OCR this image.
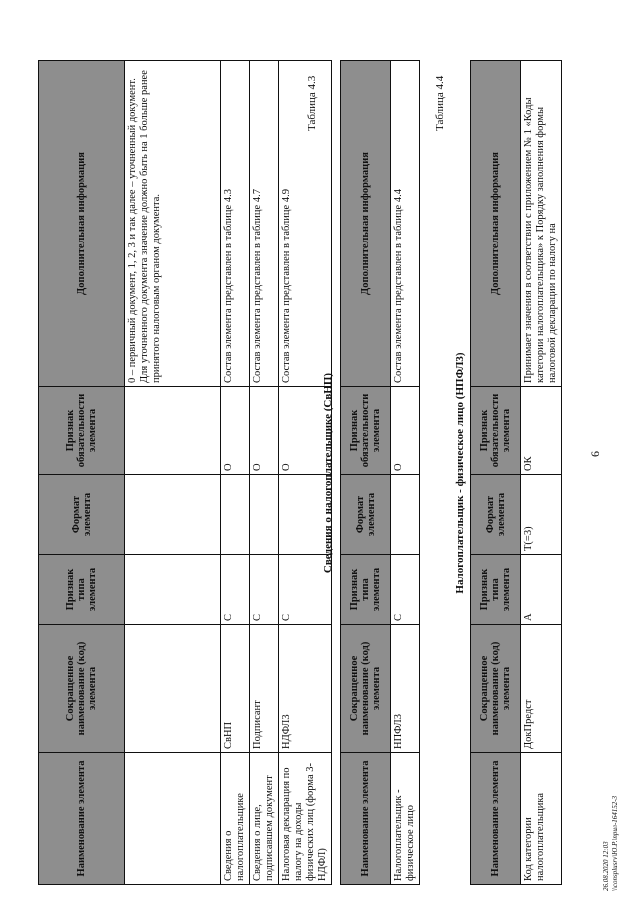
6
Наименование элемента	Сокращенное наименование (код) элемента	Признак типа элемента	Формат элемента	Признак обязательности элемента	Дополнительная информация
					0 – первичный документ, 1, 2, 3 и так далее – уточненный документ. Для уточненного документа значение должно быть на 1 больше ранее принятого налоговым органом документа.
Сведения о налогоплательщике	СвНП	С		О	Состав элемента представлен в таблице 4.3
Сведения о лице, подписавшем документ	Подписант	С		О	Состав элемента представлен в таблице 4.7
Налоговая декларация по налогу на доходы физических лиц (форма 3-НДФЛ)	НДФЛ3	С		О	Состав элемента представлен в таблице 4.9
Таблица 4.3
Сведения о налогоплательщике (СвНП)
Наименование элемента	Сокращенное наименование (код) элемента	Признак типа элемента	Формат элемента	Признак обязательности элемента	Дополнительная информация
Налогоплательщик - физическое лицо	НПФЛ3	С		О	Состав элемента представлен в таблице 4.4
Таблица 4.4
Налогоплательщик - физическое лицо (НПФЛ3)
Наименование элемента	Сокращенное наименование (код) элемента	Признак типа элемента	Формат элемента	Признак обязательности элемента	Дополнительная информация
Код категории налогоплательщика	ДокПредст	А	T(=3)	ОК	Принимает значения в соответствии с приложением № 1 «Коды категории налогоплательщика» к Порядку заполнения формы налоговой декларации по налогу на
26.08.2020 12:03 \\consplusrv\Ю.Р.\прил-164152-3
